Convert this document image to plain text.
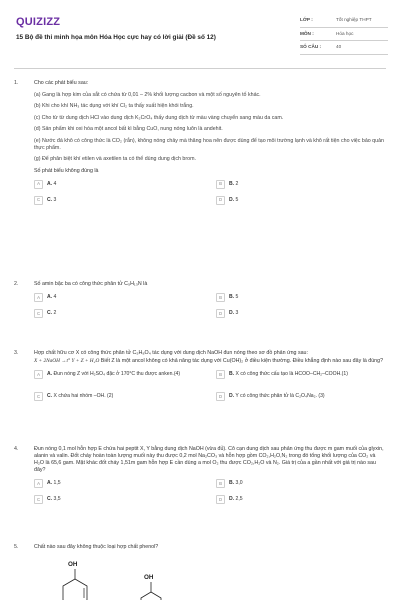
QUIZIZZ
15 Bộ đề thi minh họa môn Hóa Học cực hay có lời giải (Đề số 12)
LỚP :	Tốt nghiệp THPT
MÔN :	Hóa học
SỐ CÂU :	40
1.	Cho các phát biểu sau:

(a) Gang là hợp kim của sắt có chứa từ 0,01 – 2% khối lượng cacbon và một số nguyên tố khác.

(b) Khi cho khí NH₃ tác dụng với khí Cl₂ ta thấy xuất hiện khói trắng.

(c) Cho từ từ dung dịch HCl vào dung dịch K₂CrO₄ thấy dung dịch từ màu vàng chuyển sang màu da cam.

(d) Sản phẩm khi oxi hóa một ancol bất kì bằng CuO, nung nóng luôn là andehit.

(e) Nước đá khô có công thức là CO₂ (rắn), không nóng chảy mà thăng hoa nên được dùng để tạo môi trường lạnh và khô rất tiện cho việc bảo quản thực phẩm.

(g) Để phân biệt khí etilen và axetilen ta có thể dùng dung dịch brom.

Số phát biểu không đúng là

A	A. 4	B	B. 2
C	C. 3	D	D. 5
2.	Số amin bậc ba có công thức phân tử C₅H₁₃N là

A	A. 4	B	B. 5
C	C. 2	D	D. 3
3.	Hợp chất hữu cơ X có công thức phân tử C₅H₈O₄ tác dụng với dung dịch NaOH đun nóng theo sơ đồ phản ứng sau:

X + 2NaOH →t° Y + Z + H₂O Biết Z là một ancol không có khả năng tác dụng với Cu(OH)₂ ở điều kiện thường. Điều khẳng định nào sau đây là đúng?

A	A. Đun nóng Z với H₂SO₄ đặc ở 170°C thu được anken.(4)	B	B. X có công thức cấu tạo là HCOO–CH₂–COOH.(1)
C	C. X chứa hai nhóm –OH. (2)	D	D. Y có công thức phân tử là C₂O₄Na₂. (3)
4.	Đun nóng 0,1 mol hỗn hợp E chứa hai peptit X, Y bằng dung dịch NaOH (vừa đủ). Cô cạn dung dịch sau phản ứng thu được m gam muối của glyxin, alanin và valin. Đốt cháy hoàn toàn lượng muối này thu được 0,2 mol Na₂CO₃ và hỗn hợp gồm CO₂,H₂O,N₂ trong đó tổng khối lượng của CO₂ và H₂O là 65,6 gam. Mặt khác đốt cháy 1,51m gam hỗn hợp E cần dùng a mol O₂ thu được CO₂,H₂O và N₂. Giá trị của a gần nhất với giá trị nào sau đây?

A	A. 1,5	B	B. 3,0
C	C. 3,5	D	D. 2,5
5.	Chất nào sau đây không thuộc loại hợp chất phenol?

OH
OH
